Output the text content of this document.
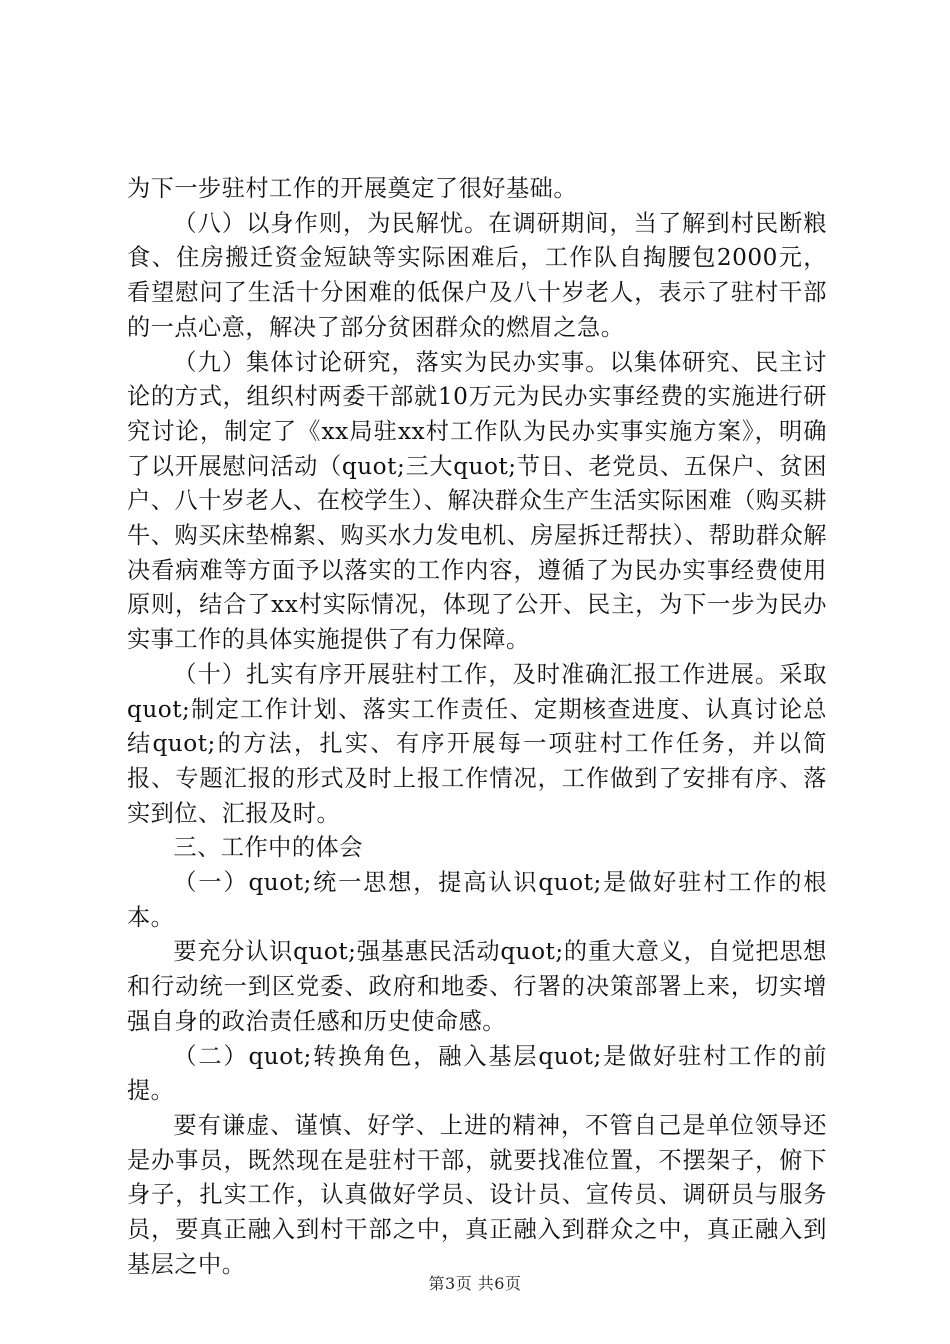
为下一步驻村工作的开展奠定了很好基础。

（八）以身作则，为民解忧。在调研期间，当了解到村民断粮食、住房搬迁资金短缺等实际困难后，工作队自掏腰包2000元，看望慰问了生活十分困难的低保户及八十岁老人，表示了驻村干部的一点心意，解决了部分贫困群众的燃眉之急。

（九）集体讨论研究，落实为民办实事。以集体研究、民主讨论的方式，组织村两委干部就10万元为民办实事经费的实施进行研究讨论，制定了《xx局驻xx村工作队为民办实事实施方案》，明确了以开展慰问活动（quot;三大quot;节日、老党员、五保户、贫困户、八十岁老人、在校学生）、解决群众生产生活实际困难（购买耕牛、购买床垫棉絮、购买水力发电机、房屋拆迁帮扶）、帮助群众解决看病难等方面予以落实的工作内容，遵循了为民办实事经费使用原则，结合了xx村实际情况，体现了公开、民主，为下一步为民办实事工作的具体实施提供了有力保障。

（十）扎实有序开展驻村工作，及时准确汇报工作进展。采取quot;制定工作计划、落实工作责任、定期核查进度、认真讨论总结quot;的方法，扎实、有序开展每一项驻村工作任务，并以简报、专题汇报的形式及时上报工作情况，工作做到了安排有序、落实到位、汇报及时。

三、工作中的体会

（一）quot;统一思想，提高认识quot;是做好驻村工作的根本。

要充分认识quot;强基惠民活动quot;的重大意义，自觉把思想和行动统一到区党委、政府和地委、行署的决策部署上来，切实增强自身的政治责任感和历史使命感。

（二）quot;转换角色，融入基层quot;是做好驻村工作的前提。

要有谦虚、谨慎、好学、上进的精神，不管自己是单位领导还是办事员，既然现在是驻村干部，就要找准位置，不摆架子，俯下身子，扎实工作，认真做好学员、设计员、宣传员、调研员与服务员，要真正融入到村干部之中，真正融入到群众之中，真正融入到基层之中。

第3页 共6页
